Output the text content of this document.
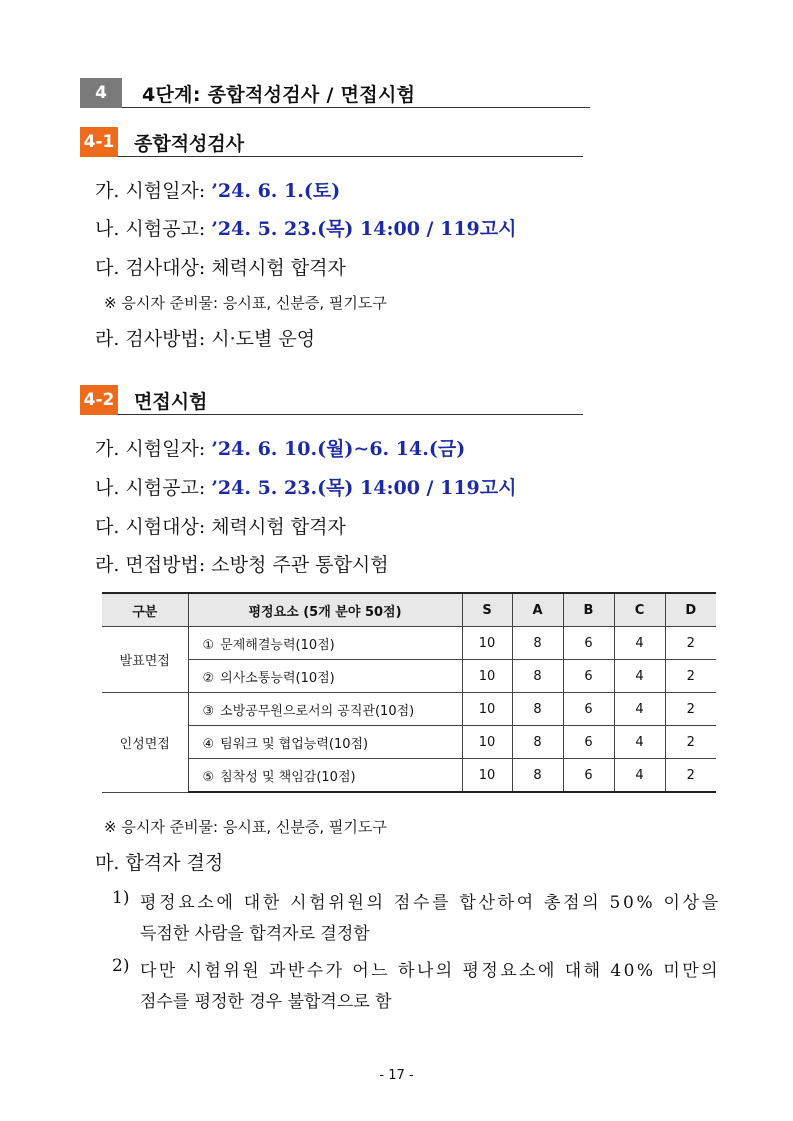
4 4단계: 종합적성검사 / 면접시험
4-1 종합적성검사
가. 시험일자: ’24. 6. 1.(토)
나. 시험공고: ’24. 5. 23.(목) 14:00 / 119고시
다. 검사대상: 체력시험 합격자
※ 응시자 준비물: 응시표, 신분증, 필기도구
라. 검사방법: 시·도별 운영
4-2 면접시험
가. 시험일자: ’24. 6. 10.(월)∼6. 14.(금)
나. 시험공고: ’24. 5. 23.(목) 14:00 / 119고시
다. 시험대상: 체력시험 합격자
라. 면접방법: 소방청 주관 통합시험
구분	평정요소 (5개 분야 50점)	S	A	B	C	D
발표면접	① 문제해결능력(10점)	10	8	6	4	2
	② 의사소통능력(10점)	10	8	6	4	2
인성면접	③ 소방공무원으로서의 공직관(10점)	10	8	6	4	2
	④ 팀워크 및 협업능력(10점)	10	8	6	4	2
	⑤ 침착성 및 책임감(10점)	10	8	6	4	2
※ 응시자 준비물: 응시표, 신분증, 필기도구
마. 합격자 결정
1) 평정요소에 대한 시험위원의 점수를 합산하여 총점의 50% 이상을
득점한 사람을 합격자로 결정함
2) 다만 시험위원 과반수가 어느 하나의 평정요소에 대해 40% 미만의
점수를 평정한 경우 불합격으로 함
- 17 -
